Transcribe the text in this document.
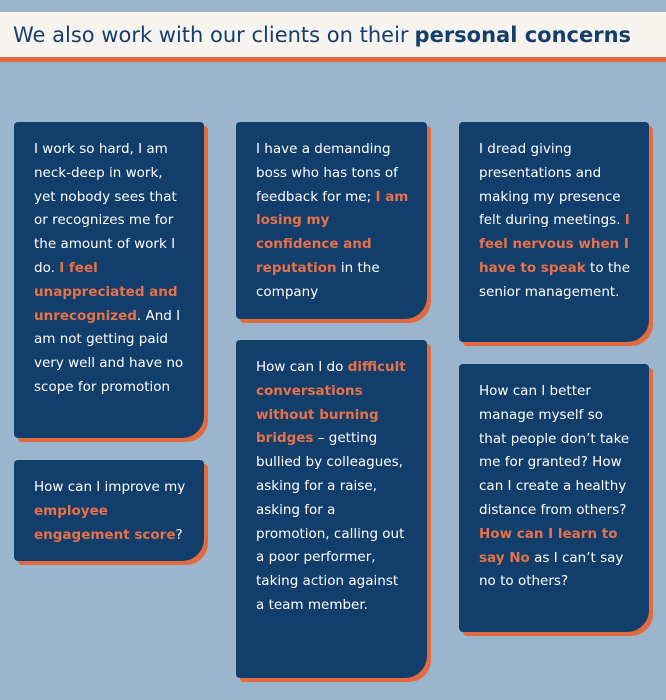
We also work with our clients on their personal concerns
I work so hard, I am neck-deep in work, yet nobody sees that or recognizes me for the amount of work I do. I feel unappreciated and unrecognized. And I am not getting paid very well and have no scope for promotion
How can I improve my employee engagement score?
I have a demanding boss who has tons of feedback for me; I am losing my confidence and reputation in the company
How can I do difficult conversations without burning bridges – getting bullied by colleagues, asking for a raise, asking for a promotion, calling out a poor performer, taking action against a team member.
I dread giving presentations and making my presence felt during meetings. I feel nervous when I have to speak to the senior management.
How can I better manage myself so that people don’t take me for granted? How can I create a healthy distance from others? How can I learn to say No as I can’t say no to others?
